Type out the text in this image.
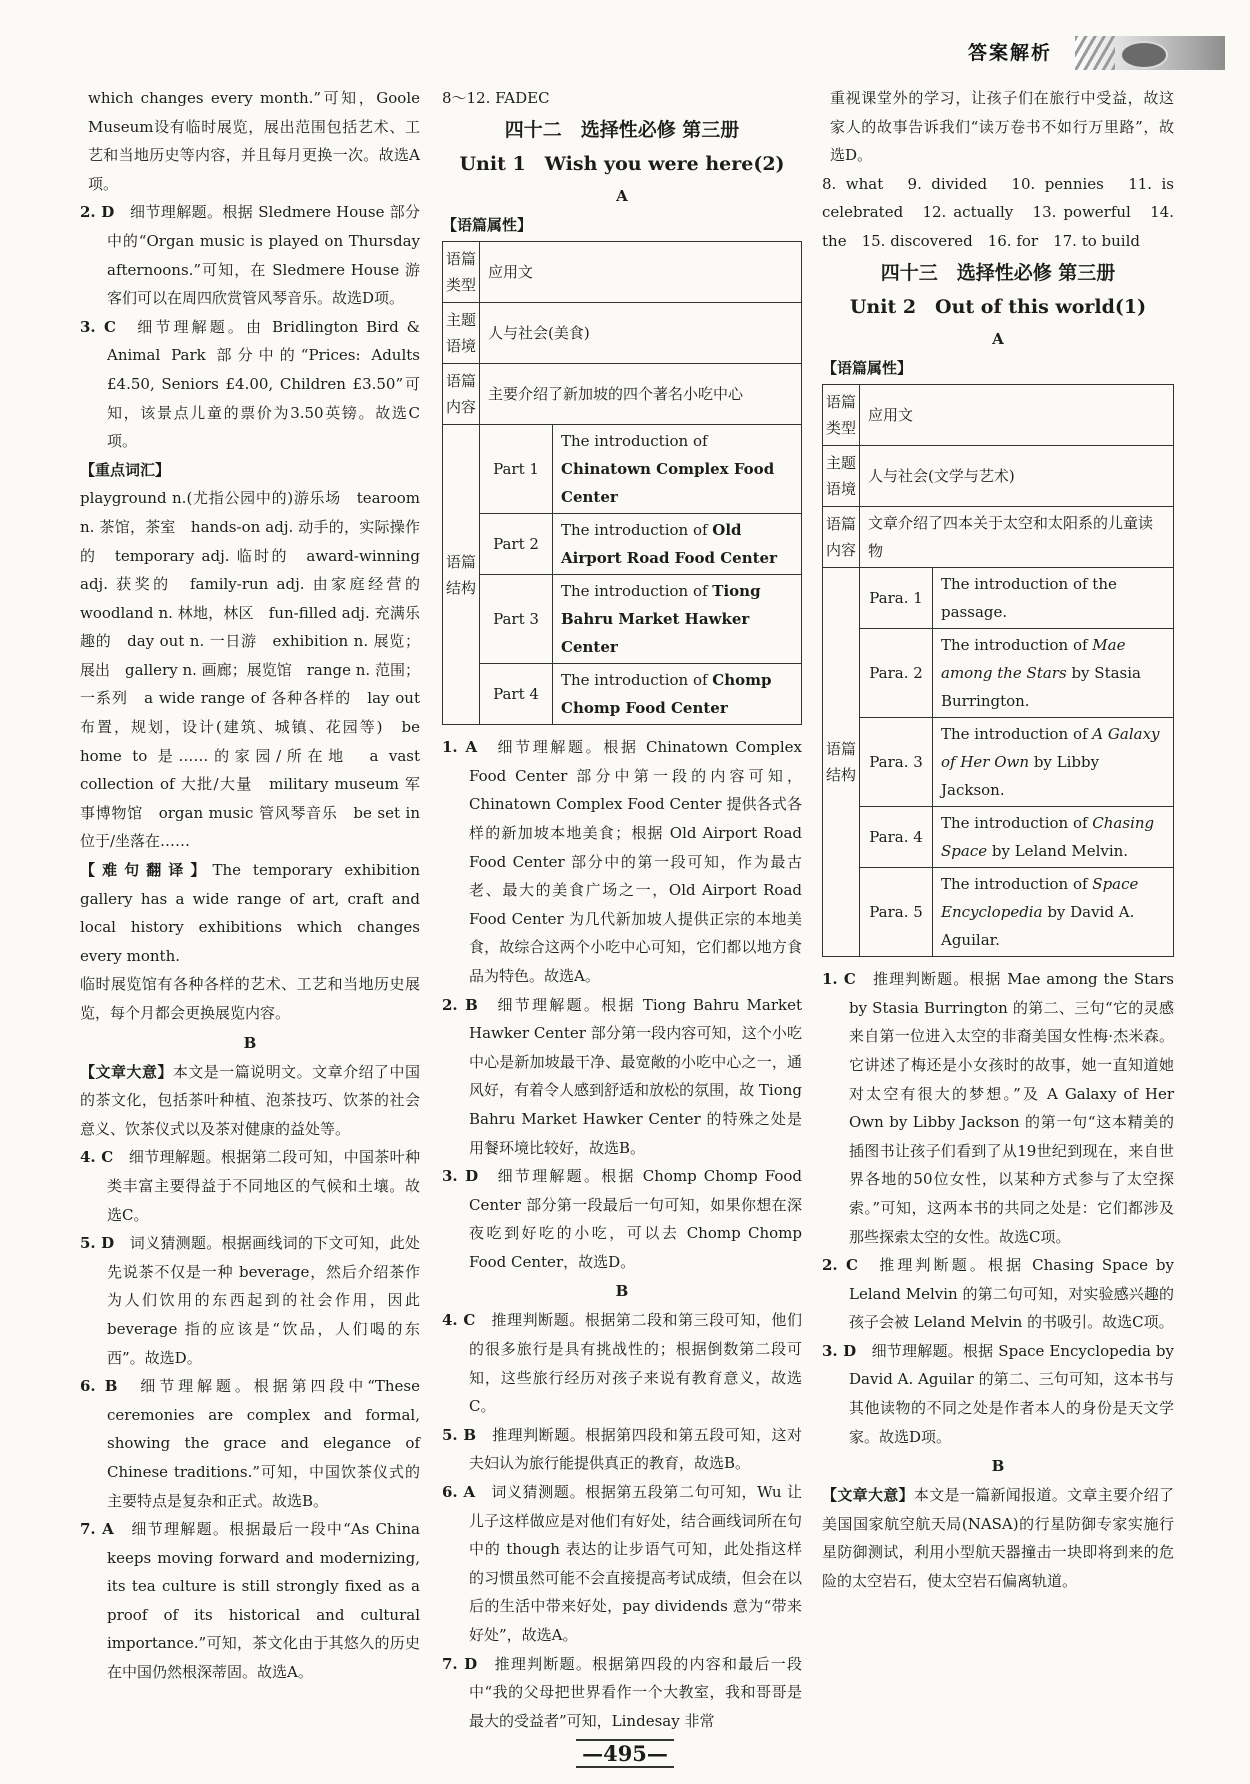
答案解析

which changes every month.”可知，Goole Museum设有临时展览，展出范围包括艺术、工艺和当地历史等内容，并且每月更换一次。故选A项。

2. D　 细节理解题。根据 Sledmere House 部分中的“Organ music is played on Thursday afternoons.”可知，在 Sledmere House 游客们可以在周四欣赏管风琴音乐。故选D项。

3. C　 细节理解题。由 Bridlington Bird & Animal Park 部分中的“Prices: Adults £4.50, Seniors £4.00, Children £3.50”可知，该景点儿童的票价为3.50英镑。故选C项。

【重点词汇】

playground n.(尤指公园中的)游乐场　tearoom n. 茶馆，茶室　hands-on adj. 动手的，实际操作的　temporary adj. 临时的　award-winning adj. 获奖的　family-run adj. 由家庭经营的　woodland n. 林地，林区　fun-filled adj. 充满乐趣的　day out n. 一日游　exhibition n. 展览；展出　gallery n. 画廊；展览馆　range n. 范围；一系列　a wide range of 各种各样的　lay out 布置，规划，设计(建筑、城镇、花园等)　be home to 是……的家园/所在地　a vast collection of 大批/大量　military museum 军事博物馆　organ music 管风琴音乐　be set in 位于/坐落在……

【难句翻译】The temporary exhibition gallery has a wide range of art, craft and local history exhibitions which changes every month.

临时展览馆有各种各样的艺术、工艺和当地历史展览，每个月都会更换展览内容。

B

【文章大意】本文是一篇说明文。文章介绍了中国的茶文化，包括茶叶种植、泡茶技巧、饮茶的社会意义、饮茶仪式以及茶对健康的益处等。

4. C　 细节理解题。根据第二段可知，中国茶叶种类丰富主要得益于不同地区的气候和土壤。故选C。

5. D　 词义猜测题。根据画线词的下文可知，此处先说茶不仅是一种 beverage，然后介绍茶作为人们饮用的东西起到的社会作用，因此 beverage 指的应该是“饮品，人们喝的东西”。故选D。

6. B　 细节理解题。根据第四段中“These ceremonies are complex and formal, showing the grace and elegance of Chinese traditions.”可知，中国饮茶仪式的主要特点是复杂和正式。故选B。

7. A　 细节理解题。根据最后一段中“As China keeps moving forward and modernizing, its tea culture is still strongly fixed as a proof of its historical and cultural importance.”可知，茶文化由于其悠久的历史在中国仍然根深蒂固。故选A。

8～12. FADEC

四十二　选择性必修 第三册

Unit 1　Wish you were here(2)

A

【语篇属性】

语篇类型	应用文	
主题语境	人与社会(美食)	
语篇内容	主要介绍了新加坡的四个著名小吃中心	
语篇结构	Part 1	The introduction of Chinatown Complex Food Center
	Part 2	The introduction of Old Airport Road Food Center
	Part 3	The introduction of Tiong Bahru Market Hawker Center
	Part 4	The introduction of Chomp Chomp Food Center

1. A　 细节理解题。根据 Chinatown Complex Food Center 部分中第一段的内容可知，Chinatown Complex Food Center 提供各式各样的新加坡本地美食；根据 Old Airport Road Food Center 部分中的第一段可知，作为最古老、最大的美食广场之一，Old Airport Road Food Center 为几代新加坡人提供正宗的本地美食，故综合这两个小吃中心可知，它们都以地方食品为特色。故选A。

2. B　 细节理解题。根据 Tiong Bahru Market Hawker Center 部分第一段内容可知，这个小吃中心是新加坡最干净、最宽敞的小吃中心之一，通风好，有着令人感到舒适和放松的氛围，故 Tiong Bahru Market Hawker Center 的特殊之处是用餐环境比较好，故选B。

3. D　 细节理解题。根据 Chomp Chomp Food Center 部分第一段最后一句可知，如果你想在深夜吃到好吃的小吃，可以去 Chomp Chomp Food Center，故选D。

B

4. C　 推理判断题。根据第二段和第三段可知，他们的很多旅行是具有挑战性的；根据倒数第二段可知，这些旅行经历对孩子来说有教育意义，故选C。

5. B　 推理判断题。根据第四段和第五段可知，这对夫妇认为旅行能提供真正的教育，故选B。

6. A　 词义猜测题。根据第五段第二句可知，Wu 让儿子这样做应是对他们有好处，结合画线词所在句中的 though 表达的让步语气可知，此处指这样的习惯虽然可能不会直接提高考试成绩，但会在以后的生活中带来好处，pay dividends 意为“带来好处”，故选A。

7. D　 推理判断题。根据第四段的内容和最后一段中“我的父母把世界看作一个大教室，我和哥哥是最大的受益者”可知，Lindesay 非常

重视课堂外的学习，让孩子们在旅行中受益，故这家人的故事告诉我们“读万卷书不如行万里路”，故选D。

8. what　9. divided　10. pennies　11. is celebrated　12. actually　13. powerful　14. the　15. discovered　16. for　17. to build

四十三　选择性必修 第三册

Unit 2　Out of this world(1)

A

【语篇属性】

语篇类型	应用文	
主题语境	人与社会(文学与艺术)	
语篇内容	文章介绍了四本关于太空和太阳系的儿童读物	
语篇结构	Para. 1	The introduction of the passage.
	Para. 2	The introduction of Mae among the Stars by Stasia Burrington.
	Para. 3	The introduction of A Galaxy of Her Own by Libby Jackson.
	Para. 4	The introduction of Chasing Space by Leland Melvin.
	Para. 5	The introduction of Space Encyclopedia by David A. Aguilar.

1. C　 推理判断题。根据 Mae among the Stars by Stasia Burrington 的第二、三句“它的灵感来自第一位进入太空的非裔美国女性梅·杰米森。它讲述了梅还是小女孩时的故事，她一直知道她对太空有很大的梦想。”及 A Galaxy of Her Own by Libby Jackson 的第一句“这本精美的插图书让孩子们看到了从19世纪到现在，来自世界各地的50位女性，以某种方式参与了太空探索。”可知，这两本书的共同之处是：它们都涉及那些探索太空的女性。故选C项。

2. C　 推理判断题。根据 Chasing Space by Leland Melvin 的第二句可知，对实验感兴趣的孩子会被 Leland Melvin 的书吸引。故选C项。

3. D　 细节理解题。根据 Space Encyclopedia by David A. Aguilar 的第二、三句可知，这本书与其他读物的不同之处是作者本人的身份是天文学家。故选D项。

B

【文章大意】本文是一篇新闻报道。文章主要介绍了美国国家航空航天局(NASA)的行星防御专家实施行星防御测试，利用小型航天器撞击一块即将到来的危险的太空岩石，使太空岩石偏离轨道。

—495—
